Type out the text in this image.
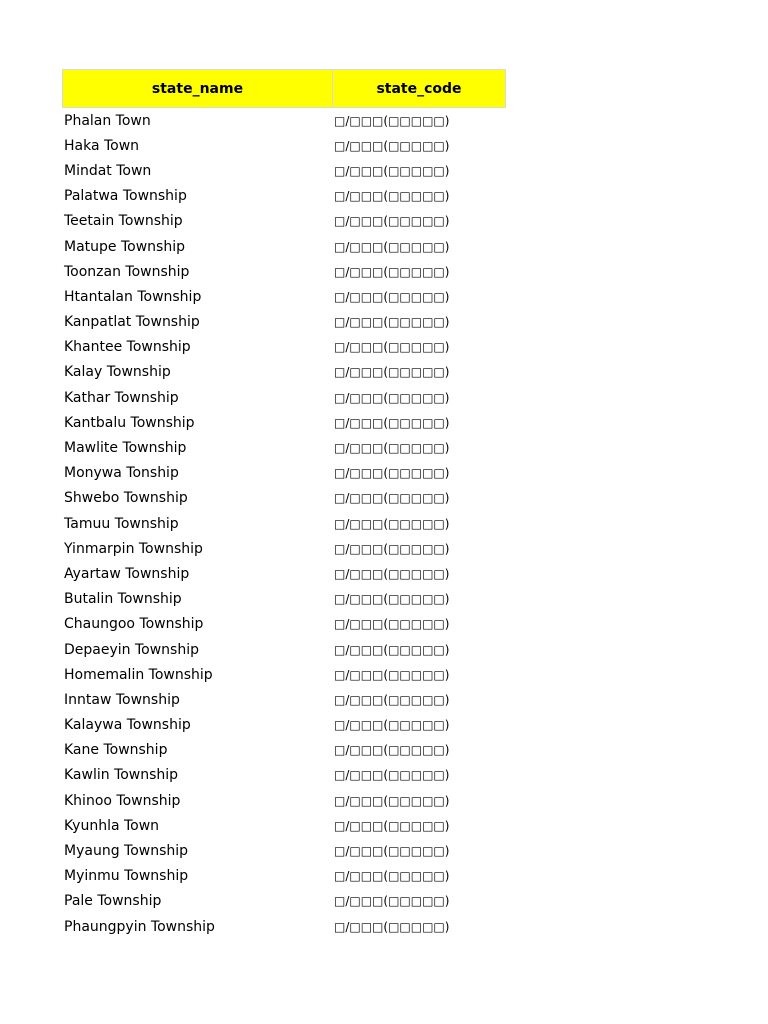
state_name	state_code
Phalan Town	□/□□□(□□□□□)
Haka Town	□/□□□(□□□□□)
Mindat Town	□/□□□(□□□□□)
Palatwa Township	□/□□□(□□□□□)
Teetain Township	□/□□□(□□□□□)
Matupe Township	□/□□□(□□□□□)
Toonzan Township	□/□□□(□□□□□)
Htantalan Township	□/□□□(□□□□□)
Kanpatlat Township	□/□□□(□□□□□)
Khantee Township	□/□□□(□□□□□)
Kalay Township	□/□□□(□□□□□)
Kathar Township	□/□□□(□□□□□)
Kantbalu Township	□/□□□(□□□□□)
Mawlite Township	□/□□□(□□□□□)
Monywa Tonship	□/□□□(□□□□□)
Shwebo Township	□/□□□(□□□□□)
Tamuu Township	□/□□□(□□□□□)
Yinmarpin Township	□/□□□(□□□□□)
Ayartaw Township	□/□□□(□□□□□)
Butalin Township	□/□□□(□□□□□)
Chaungoo Township	□/□□□(□□□□□)
Depaeyin Township	□/□□□(□□□□□)
Homemalin Township	□/□□□(□□□□□)
Inntaw Township	□/□□□(□□□□□)
Kalaywa Township	□/□□□(□□□□□)
Kane Township	□/□□□(□□□□□)
Kawlin Township	□/□□□(□□□□□)
Khinoo Township	□/□□□(□□□□□)
Kyunhla Town	□/□□□(□□□□□)
Myaung Township	□/□□□(□□□□□)
Myinmu Township	□/□□□(□□□□□)
Pale Township	□/□□□(□□□□□)
Phaungpyin Township	□/□□□(□□□□□)
